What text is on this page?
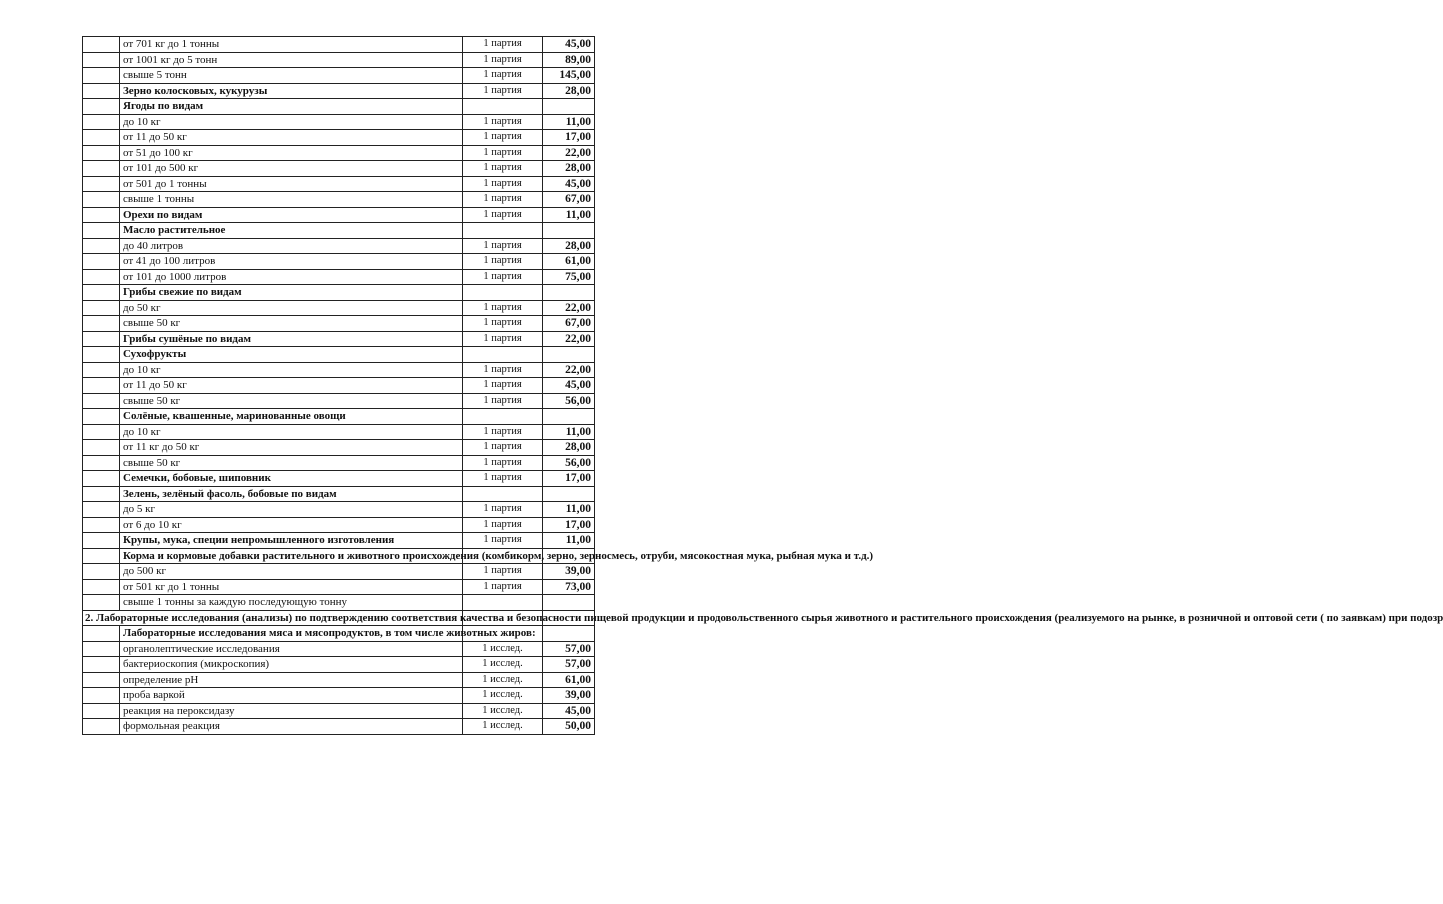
	от 701 кг до 1 тонны	1 партия	45,00
	от 1001 кг до 5 тонн	1 партия	89,00
	свыше 5 тонн	1 партия	145,00
	Зерно колосковых, кукурузы	1 партия	28,00
	Ягоды по видам		
	до 10 кг	1 партия	11,00
	от 11 до 50 кг	1 партия	17,00
	от 51 до 100 кг	1 партия	22,00
	от 101 до 500 кг	1 партия	28,00
	от 501 до 1 тонны	1 партия	45,00
	свыше 1 тонны	1 партия	67,00
	Орехи по видам	1 партия	11,00
	Масло растительное		
	до 40 литров	1 партия	28,00
	от 41 до 100 литров	1 партия	61,00
	от 101 до 1000 литров	1 партия	75,00
	Грибы свежие по видам		
	до 50 кг	1 партия	22,00
	свыше 50 кг	1 партия	67,00
	Грибы сушёные по видам	1 партия	22,00
	Сухофрукты		
	до 10 кг	1 партия	22,00
	от 11 до 50 кг	1 партия	45,00
	свыше 50 кг	1 партия	56,00
	Солёные, квашенные, маринованные овощи		
	до 10 кг	1 партия	11,00
	от 11 кг до 50 кг	1 партия	28,00
	свыше 50 кг	1 партия	56,00
	Семечки, бобовые, шиповник	1 партия	17,00
	Зелень, зелёный фасоль, бобовые по видам		
	до 5 кг	1 партия	11,00
	от 6 до 10 кг	1 партия	17,00
	Крупы, мука, специи непромышленного изготовления	1 партия	11,00
	Корма и кормовые добавки растительного и животного происхождения (комбикорм, зерно, зерносмесь, отруби, мясокостная мука, рыбная мука и т.д.)		
	до 500 кг	1 партия	39,00
	от 501 кг до 1 тонны	1 партия	73,00
	свыше 1 тонны за каждую последующую тонну		
2. Лабораторные исследования (анализы) по подтверждению соответствия качества и безопасности пищевой продукции и продовольственного сырья животного и растительного происхождения (реализуемого на рынке, в розничной и оптовой сети ( по заявкам) при подозр			
	Лабораторные исследования мяса и мясопродуктов, в том числе животных жиров:		
	органолептические исследования	1 исслед.	57,00
	бактериоскопия (микроскопия)	1 исслед.	57,00
	определение рН	1 исслед.	61,00
	проба варкой	1 исслед.	39,00
	реакция на пероксидазу	1 исслед.	45,00
	формольная реакция	1 исслед.	50,00
